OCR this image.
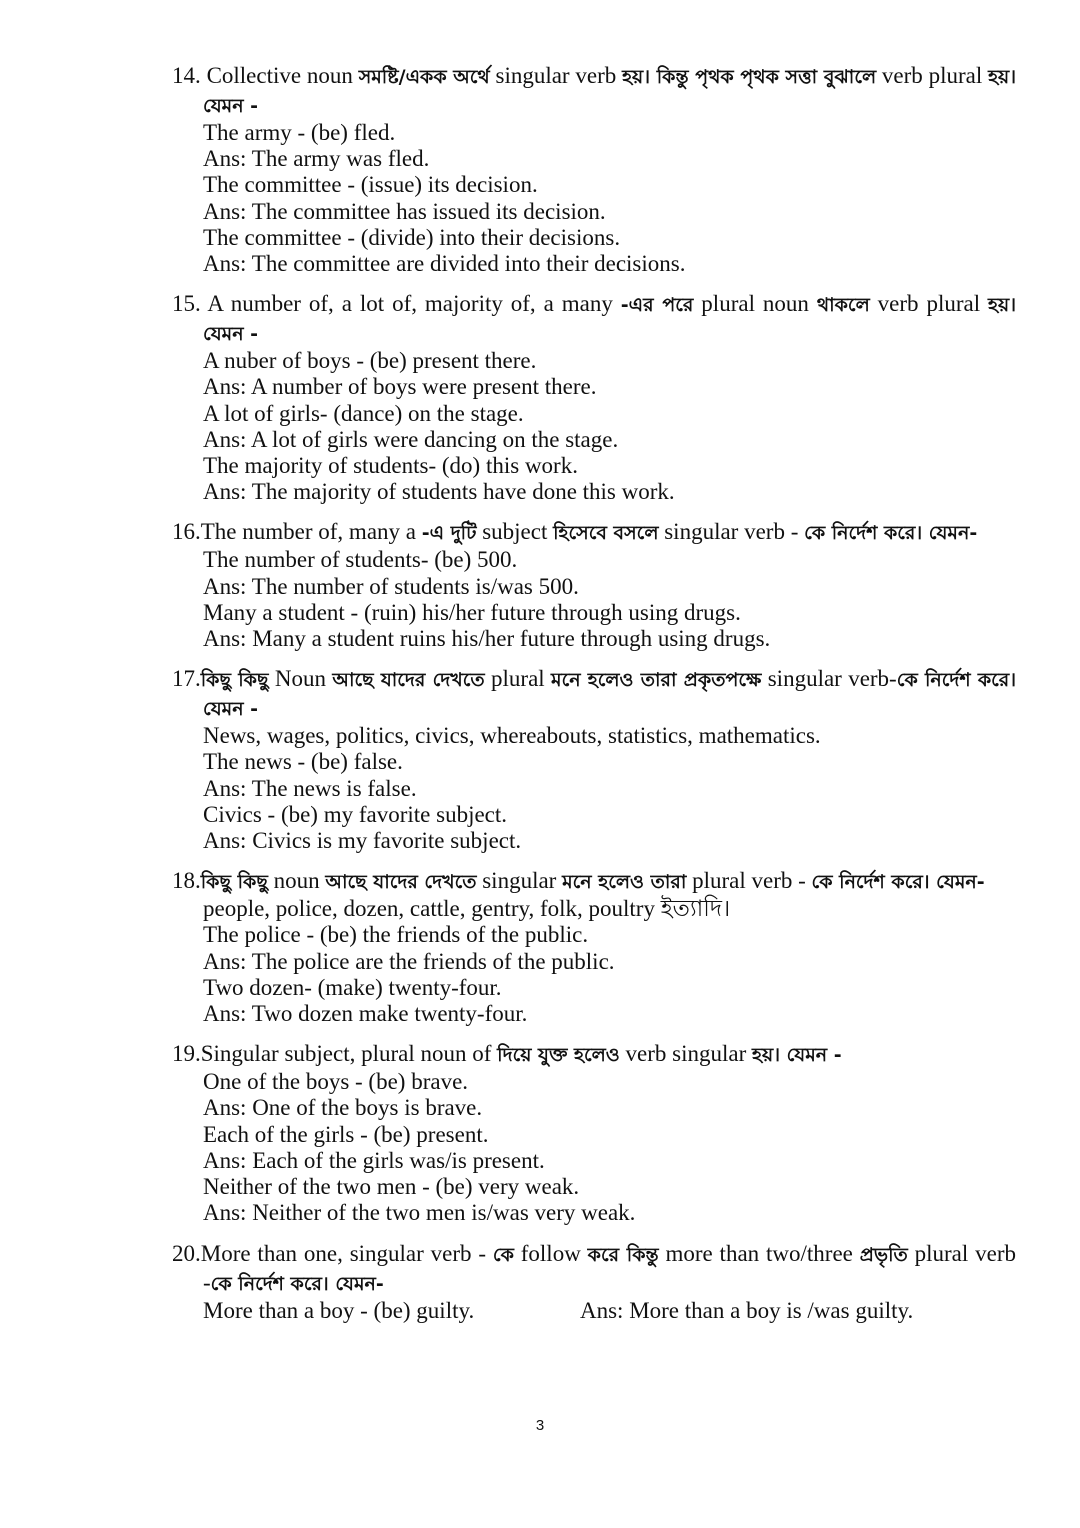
14. Collective noun সমষ্টি/একক অর্থে singular verb হয়। কিন্তু পৃথক পৃথক সত্তা বুঝালে verb plural হয়। যেমন -
The army - (be) fled.
Ans: The army was fled.
The committee - (issue) its decision.
Ans: The committee has issued its decision.
The committee - (divide) into their decisions.
Ans: The committee are divided into their decisions.
15. A number of, a lot of, majority of, a many -এর পরে plural noun থাকলে verb plural হয়। যেমন -
A nuber of boys - (be) present there.
Ans: A number of boys were present there.
A lot of girls- (dance) on the stage.
Ans: A lot of girls were dancing on the stage.
The majority of students- (do) this work.
Ans: The majority of students have done this work.
16.The number of, many a -এ দুটি subject হিসেবে বসলে singular verb - কে নির্দেশ করে। যেমন-
The number of students- (be) 500.
Ans: The number of students is/was 500.
Many a student - (ruin) his/her future through using drugs.
Ans: Many a student ruins his/her future through using drugs.
17.কিছু কিছু Noun আছে যাদের দেখতে plural মনে হলেও তারা প্রকৃতপক্ষে singular verb-কে নির্দেশ করে। যেমন -
News, wages, politics, civics, whereabouts, statistics, mathematics.
The news - (be) false.
Ans: The news is false.
Civics - (be) my favorite subject.
Ans: Civics is my favorite subject.
18.কিছু কিছু noun আছে যাদের দেখতে singular মনে হলেও তারা plural verb - কে নির্দেশ করে। যেমন-
people, police, dozen, cattle, gentry, folk, poultry ইত্যাদি।
The police - (be) the friends of the public.
Ans: The police are the friends of the public.
Two dozen- (make) twenty-four.
Ans: Two dozen make twenty-four.
19.Singular subject, plural noun of দিয়ে যুক্ত হলেও verb singular হয়। যেমন -
One of the boys - (be) brave.
Ans: One of the boys is brave.
Each of the girls - (be) present.
Ans: Each of the girls was/is present.
Neither of the two men - (be) very weak.
Ans: Neither of the two men is/was very weak.
20.More than one, singular verb - কে follow করে কিন্তু more than two/three প্রভৃতি plural verb -কে নির্দেশ করে। যেমন-
More than a boy - (be) guilty.	Ans: More than a boy is /was guilty.
3
